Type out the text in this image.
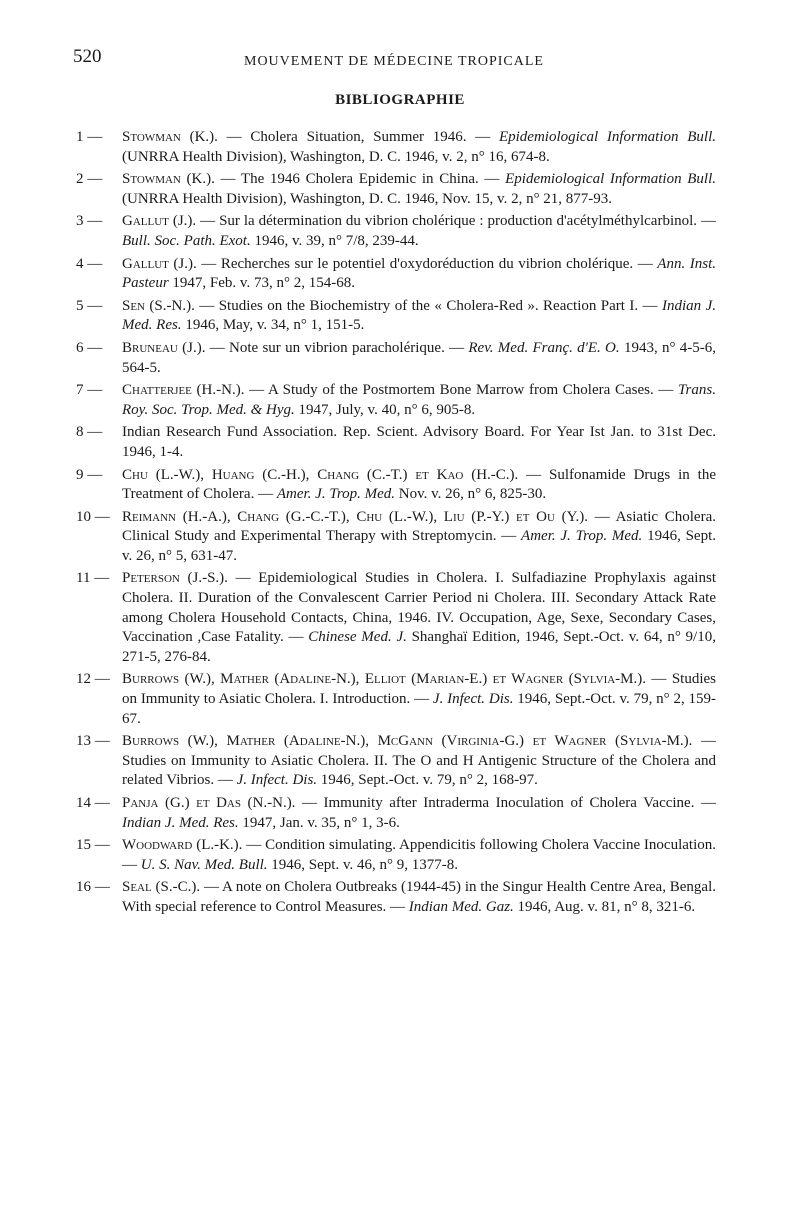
520	MOUVEMENT DE MÉDECINE TROPICALE
BIBLIOGRAPHIE
1 —	Stowman (K.). — Cholera Situation, Summer 1946. — Epidemiological Information Bull. (UNRRA Health Division), Washington, D. C. 1946, v. 2, n° 16, 674-8.
2 —	Stowman (K.). — The 1946 Cholera Epidemic in China. — Epidemiological Information Bull. (UNRRA Health Division), Washington, D. C. 1946, Nov. 15, v. 2, n° 21, 877-93.
3 —	Gallut (J.). — Sur la détermination du vibrion cholérique : production d'acétylméthylcarbinol. — Bull. Soc. Path. Exot. 1946, v. 39, n° 7/8, 239-44.
4 —	Gallut (J.). — Recherches sur le potentiel d'oxydoréduction du vibrion cholérique. — Ann. Inst. Pasteur 1947, Feb. v. 73, n° 2, 154-68.
5 —	Sen (S.-N.). — Studies on the Biochemistry of the « Cholera-Red ». Reaction Part I. — Indian J. Med. Res. 1946, May, v. 34, n° 1, 151-5.
6 —	Bruneau (J.). — Note sur un vibrion paracholérique. — Rev. Med. Franç. d'E. O. 1943, n° 4-5-6, 564-5.
7 —	Chatterjee (H.-N.). — A Study of the Postmortem Bone Marrow from Cholera Cases. — Trans. Roy. Soc. Trop. Med. & Hyg. 1947, July, v. 40, n° 6, 905-8.
8 —	Indian Research Fund Association. Rep. Scient. Advisory Board. For Year Ist Jan. to 31st Dec. 1946, 1-4.
9 —	Chu (L.-W.), Huang (C.-H.), Chang (C.-T.) et Kao (H.-C.). — Sulfonamide Drugs in the Treatment of Cholera. — Amer. J. Trop. Med. Nov. v. 26, n° 6, 825-30.
10 — Reimann (H.-A.), Chang (G.-C.-T.), Chu (L.-W.), Liu (P.-Y.) et Ou (Y.). — Asiatic Cholera. Clinical Study and Experimental Therapy with Streptomycin. — Amer. J. Trop. Med. 1946, Sept. v. 26, n° 5, 631-47.
11 — Peterson (J.-S.). — Epidemiological Studies in Cholera. I. Sulfadiazine Prophylaxis against Cholera. II. Duration of the Convalescent Carrier Period ni Cholera. III. Secondary Attack Rate among Cholera Household Contacts, China, 1946. IV. Occupation, Age, Sexe, Secondary Cases, Vaccination ,Case Fatality. — Chinese Med. J. Shanghaï Edition, 1946, Sept.-Oct. v. 64, n° 9/10, 271-5, 276-84.
12 — Burrows (W.), Mather (Adaline-N.), Elliot (Marian-E.) et Wagner (Sylvia-M.). — Studies on Immunity to Asiatic Cholera. I. Introduction. — J. Infect. Dis. 1946, Sept.-Oct. v. 79, n° 2, 159-67.
13 — Burrows (W.), Mather (Adaline-N.), McGann (Virginia-G.) et Wagner (Sylvia-M.). — Studies on Immunity to Asiatic Cholera. II. The O and H Antigenic Structure of the Cholera and related Vibrios. — J. Infect. Dis. 1946, Sept.-Oct. v. 79, n° 2, 168-97.
14 — Panja (G.) et Das (N.-N.). — Immunity after Intraderma Inoculation of Cholera Vaccine. — Indian J. Med. Res. 1947, Jan. v. 35, n° 1, 3-6.
15 — Woodward (L.-K.). — Condition simulating. Appendicitis following Cholera Vaccine Inoculation. — U. S. Nav. Med. Bull. 1946, Sept. v. 46, n° 9, 1377-8.
16 — Seal (S.-C.). — A note on Cholera Outbreaks (1944-45) in the Singur Health Centre Area, Bengal. With special reference to Control Measures. — Indian Med. Gaz. 1946, Aug. v. 81, n° 8, 321-6.
